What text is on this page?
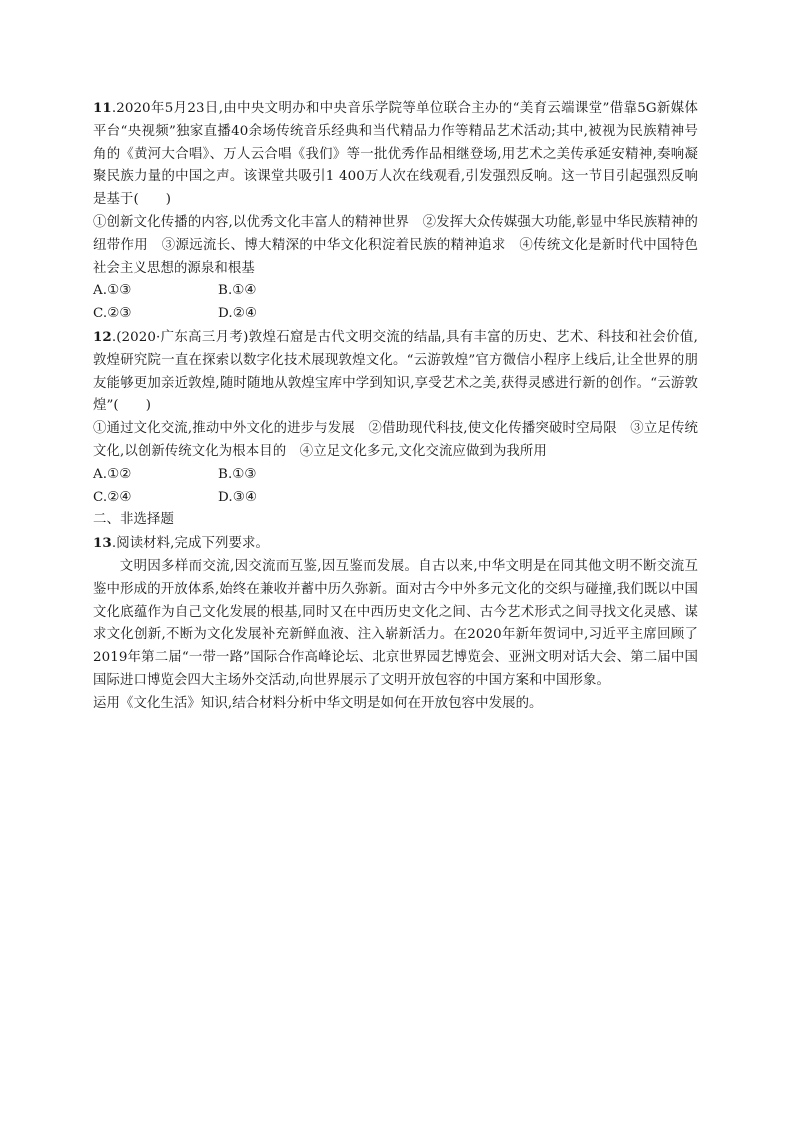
11.2020年5月23日,由中央文明办和中央音乐学院等单位联合主办的“美育云端课堂”借靠5G新媒体平台“央视频”独家直播40余场传统音乐经典和当代精品力作等精品艺术活动;其中,被视为民族精神号角的《黄河大合唱》、万人云合唱《我们》等一批优秀作品相继登场,用艺术之美传承延安精神,奏响凝聚民族力量的中国之声。该课堂共吸引1 400万人次在线观看,引发强烈反响。这一节目引起强烈反响是基于(　　)

①创新文化传播的内容,以优秀文化丰富人的精神世界　②发挥大众传媒强大功能,彰显中华民族精神的纽带作用　③源远流长、博大精深的中华文化积淀着民族的精神追求　④传统文化是新时代中国特色社会主义思想的源泉和根基

A.①③	B.①④
C.②③	D.②④

12.(2020·广东高三月考)敦煌石窟是古代文明交流的结晶,具有丰富的历史、艺术、科技和社会价值,敦煌研究院一直在探索以数字化技术展现敦煌文化。“云游敦煌”官方微信小程序上线后,让全世界的朋友能够更加亲近敦煌,随时随地从敦煌宝库中学到知识,享受艺术之美,获得灵感进行新的创作。“云游敦煌”(　　)

①通过文化交流,推动中外文化的进步与发展　②借助现代科技,使文化传播突破时空局限　③立足传统文化,以创新传统文化为根本目的　④立足文化多元,文化交流应做到为我所用

A.①②	B.①③
C.②④	D.③④

二、非选择题

13.阅读材料,完成下列要求。

文明因多样而交流,因交流而互鉴,因互鉴而发展。自古以来,中华文明是在同其他文明不断交流互鉴中形成的开放体系,始终在兼收并蓄中历久弥新。面对古今中外多元文化的交织与碰撞,我们既以中国文化底蕴作为自己文化发展的根基,同时又在中西历史文化之间、古今艺术形式之间寻找文化灵感、谋求文化创新,不断为文化发展补充新鲜血液、注入崭新活力。在2020年新年贺词中,习近平主席回顾了2019年第二届“一带一路”国际合作高峰论坛、北京世界园艺博览会、亚洲文明对话大会、第二届中国国际进口博览会四大主场外交活动,向世界展示了文明开放包容的中国方案和中国形象。

运用《文化生活》知识,结合材料分析中华文明是如何在开放包容中发展的。
